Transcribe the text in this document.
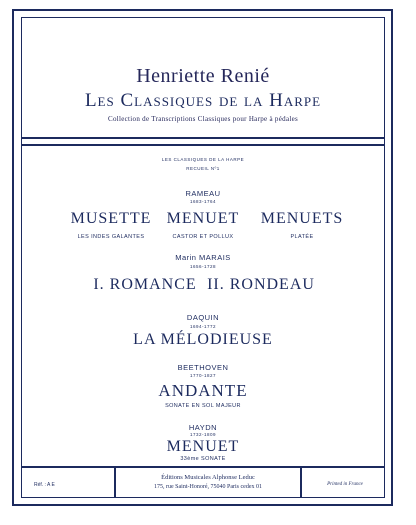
Henriette Renié
Les Classiques de la Harpe
Collection de Transcriptions Classiques pour Harpe à pédales
LES CLASSIQUES DE LA HARPE
RECUEIL Nº1
RAMEAU
1683-1764
MUSETTE
LES INDES GALANTES
MENUET
CASTOR ET POLLUX
MENUETS
PLATÉE
Marin MARAIS
1656-1728
I. ROMANCE II. RONDEAU
DAQUIN
1694-1772
LA MÉLODIEUSE
BEETHOVEN
1770-1827
ANDANTE
SONATE EN SOL MAJEUR
HAYDN
1732-1809
MENUET
33ème SONATE
Réf. : A E
Éditions Musicales Alphonse Leduc
175, rue Saint-Honoré, 75040 Paris cedex 01	Printed in France
